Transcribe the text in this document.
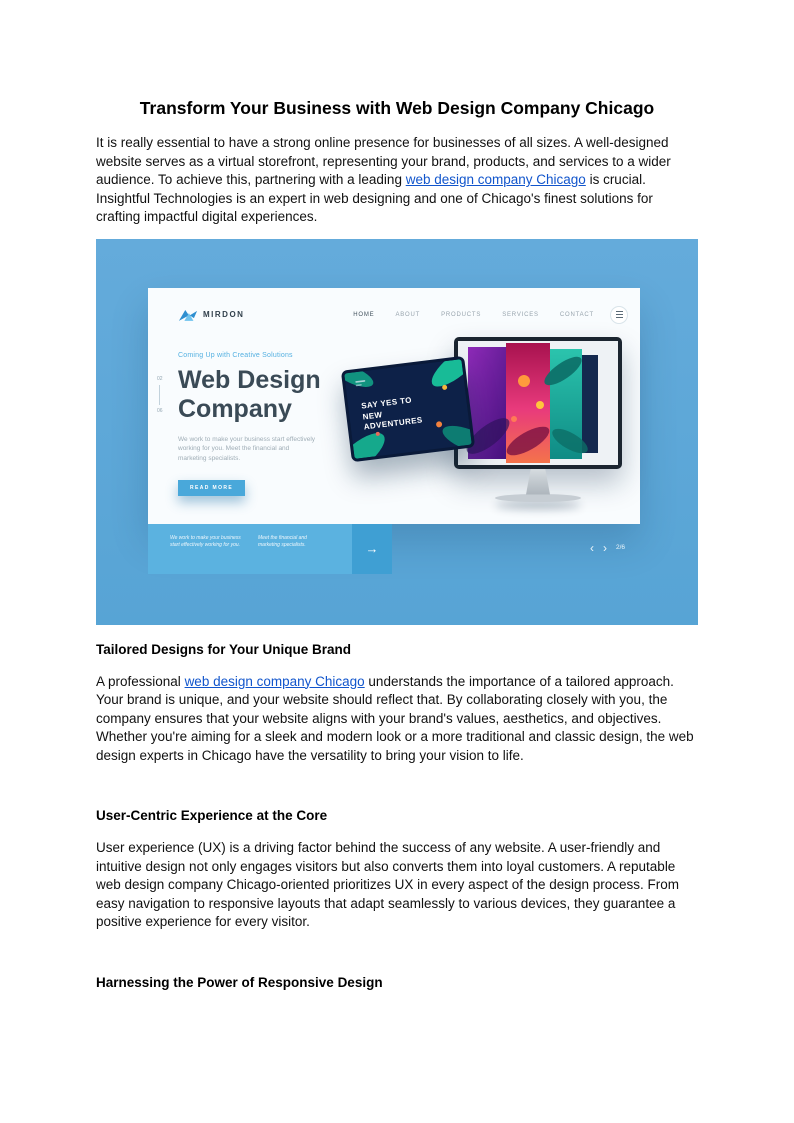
Transform Your Business with Web Design Company Chicago

It is really essential to have a strong online presence for businesses of all sizes. A well-designed website serves as a virtual storefront, representing your brand, products, and services to a wider audience. To achieve this, partnering with a leading web design company Chicago is crucial. Insightful Technologies is an expert in web designing and one of Chicago's finest solutions for crafting impactful digital experiences.

MIRDON	HOME	ABOUT	PRODUCTS	SERVICES	CONTACT
02
06
Coming Up with Creative Solutions
Web Design
Company

We work to make your business start effectively working for you. Meet the financial and marketing specialists.

READ MORE

We work to make your business start effectively working for you.

Meet the financial and marketing specialists.	→
SAY YES TO NEW ADVENTURES
‹ › 2/6
Tailored Designs for Your Unique Brand

A professional web design company Chicago understands the importance of a tailored approach. Your brand is unique, and your website should reflect that. By collaborating closely with you, the company ensures that your website aligns with your brand's values, aesthetics, and objectives. Whether you're aiming for a sleek and modern look or a more traditional and classic design, the web design experts in Chicago have the versatility to bring your vision to life.

User-Centric Experience at the Core

User experience (UX) is a driving factor behind the success of any website. A user-friendly and intuitive design not only engages visitors but also converts them into loyal customers. A reputable web design company Chicago-oriented prioritizes UX in every aspect of the design process. From easy navigation to responsive layouts that adapt seamlessly to various devices, they guarantee a positive experience for every visitor.

Harnessing the Power of Responsive Design
